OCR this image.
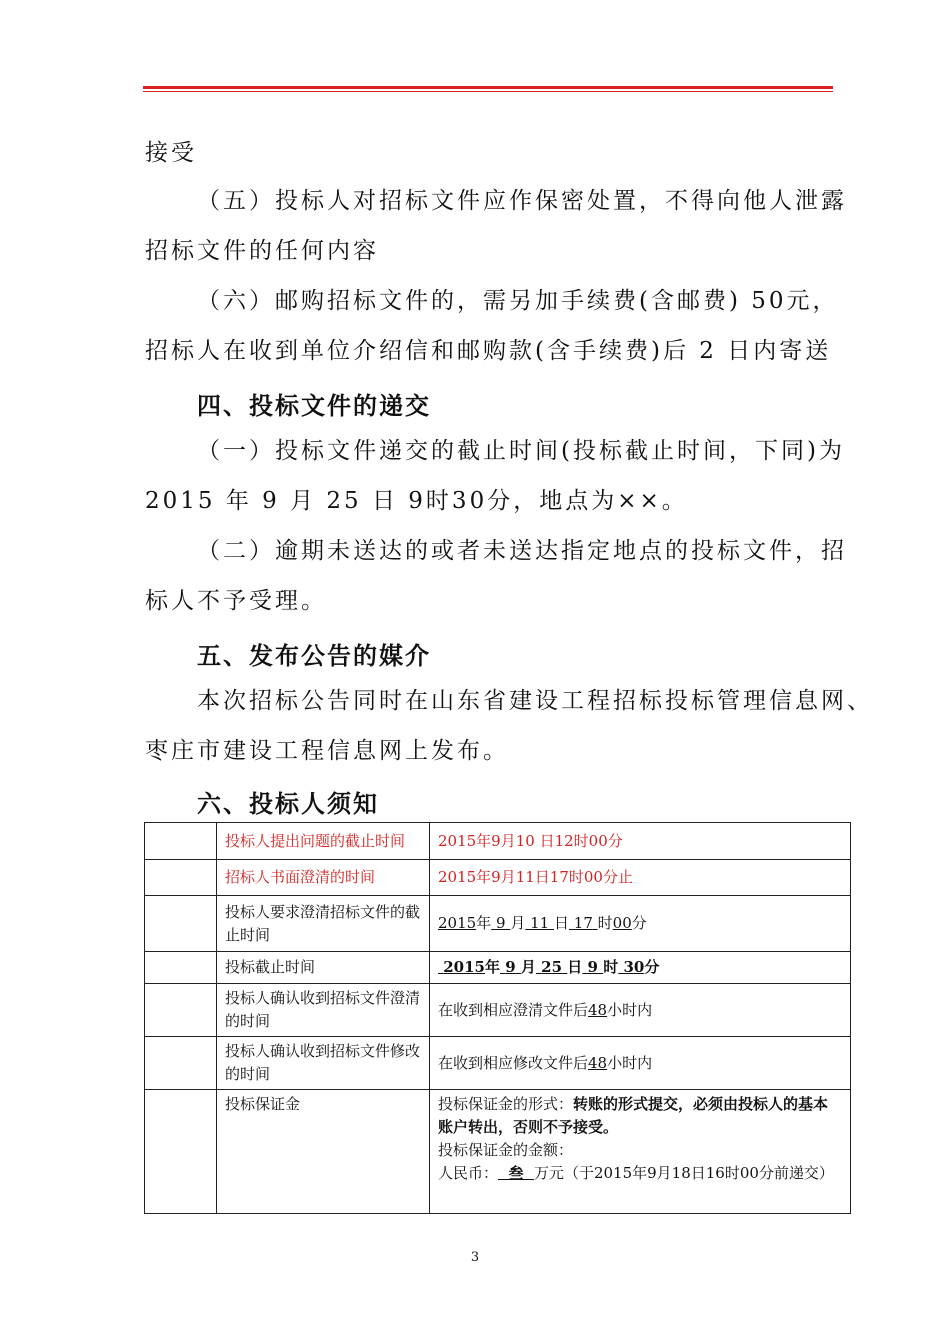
接受

（五）投标人对招标文件应作保密处置，不得向他人泄露
招标文件的任何内容

（六）邮购招标文件的，需另加手续费(含邮费) 50元，
招标人在收到单位介绍信和邮购款(含手续费)后 2 日内寄送

四、投标文件的递交

（一）投标文件递交的截止时间(投标截止时间，下同)为
2015 年 9 月 25 日 9时30分，地点为××。

（二）逾期未送达的或者未送达指定地点的投标文件，招
标人不予受理。

五、发布公告的媒介

本次招标公告同时在山东省建设工程招标投标管理信息网、
枣庄市建设工程信息网上发布。

六、投标人须知
	投标人提出问题的截止时间	2015年9月10 日12时00分
	招标人书面澄清的时间	2015年9月11日17时00分止
	投标人要求澄清招标文件的截止时间	2015年 9 月 11 日 17 时00分
	投标截止时间	2015年 9 月 25 日 9 时 30分
	投标人确认收到招标文件澄清的时间	在收到相应澄清文件后48小时内
	投标人确认收到招标文件修改的时间	在收到相应修改文件后48小时内
	投标保证金	投标保证金的形式：转账的形式提交，必须由投标人的基本账户转出，否则不予接受。
投标保证金的金额：
人民币： 叁 万元（于2015年9月18日16时00分前递交）
3
